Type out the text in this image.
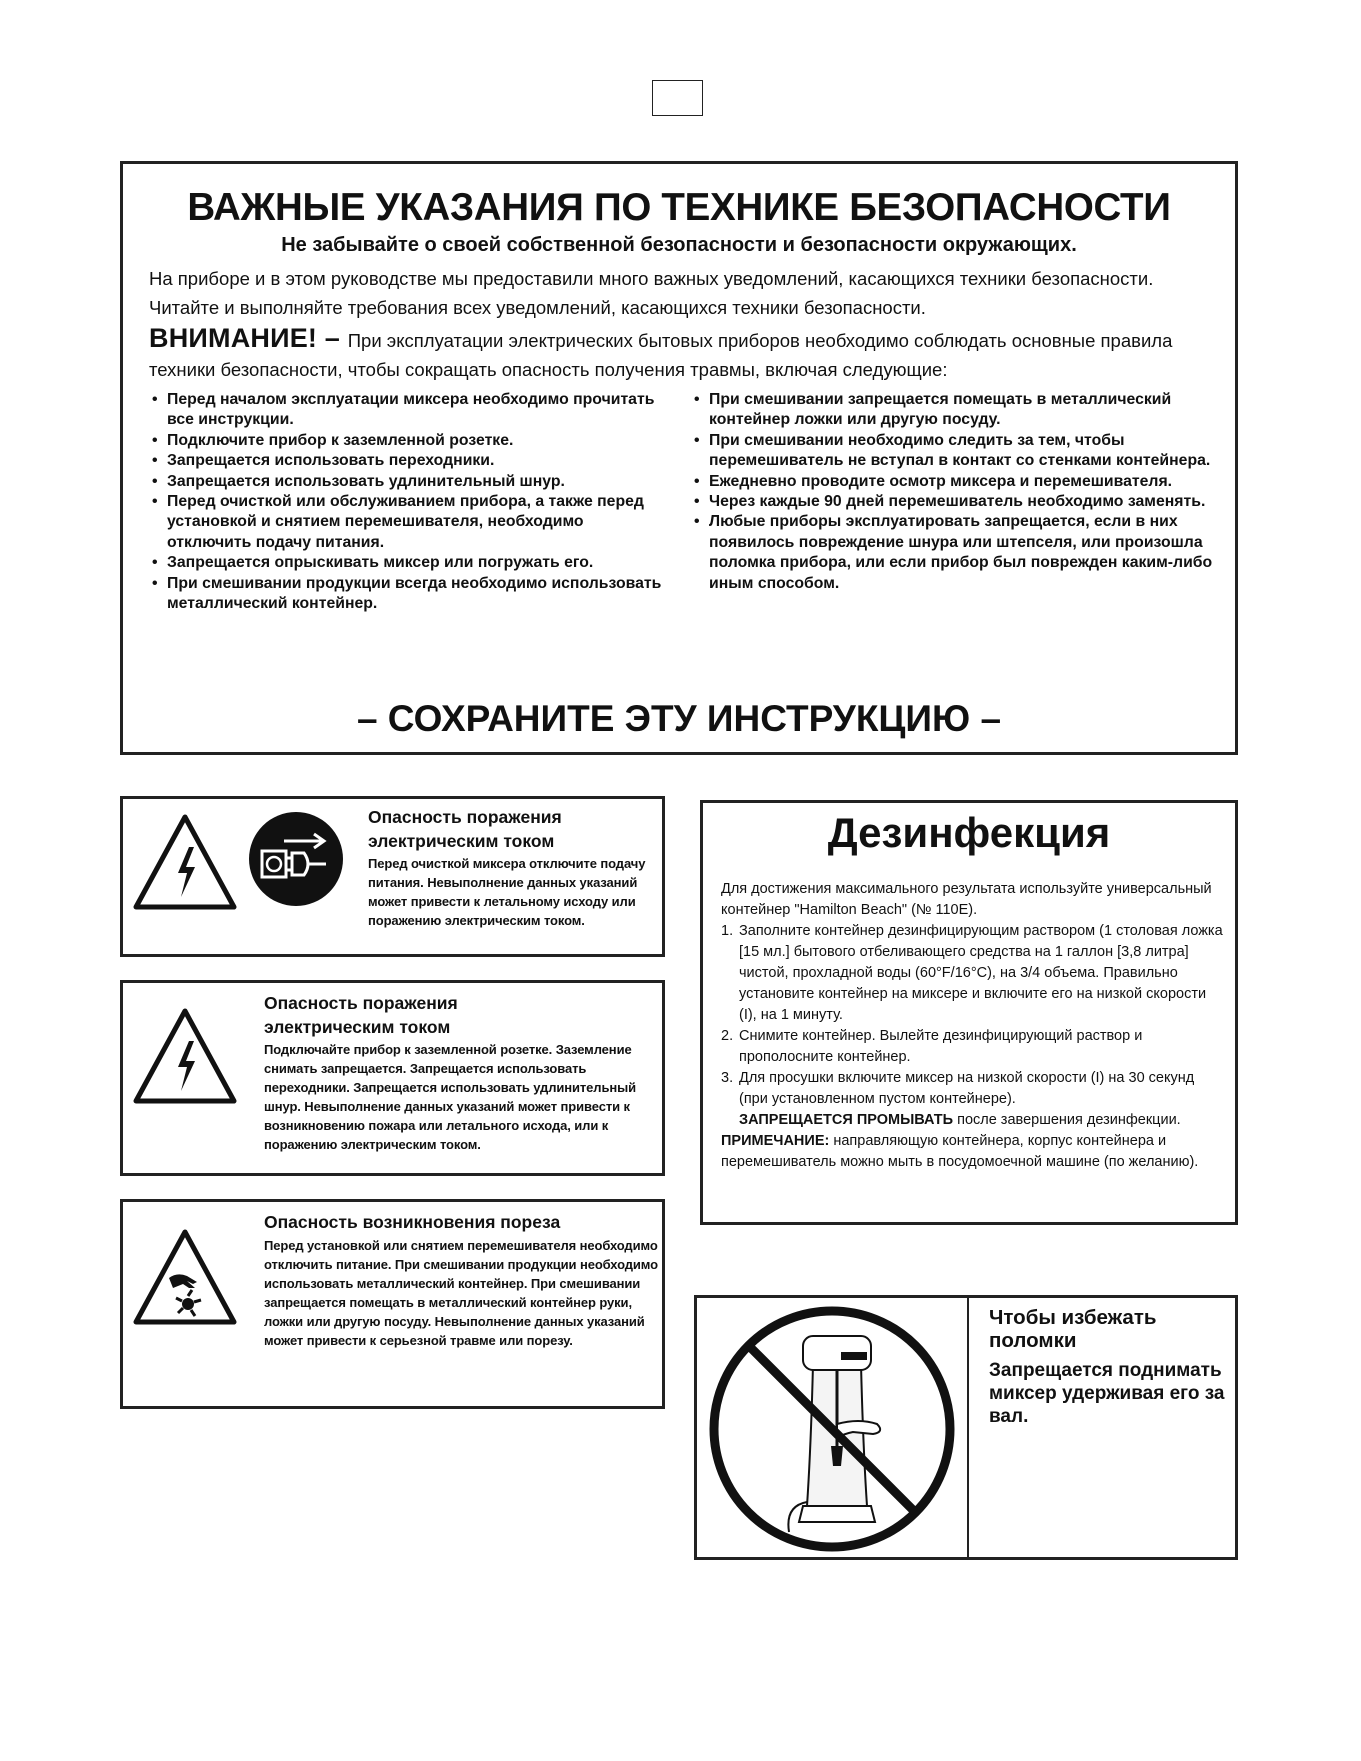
ВАЖНЫЕ УКАЗАНИЯ ПО ТЕХНИКЕ БЕЗОПАСНОСТИ

Не забывайте о своей собственной безопасности и безопасности окружающих.

На приборе и в этом руководстве мы предоставили много важных уведомлений, касающихся техники безопасности. Читайте и выполняйте требования всех уведомлений, касающихся техники безопасности.

ВНИМАНИЕ! – При эксплуатации электрических бытовых приборов необходимо соблюдать основные правила техники безопасности, чтобы сокращать опасность получения травмы, включая следующие:

• Перед началом эксплуатации миксера необходимо прочитать все инструкции.
• Подключите прибор к заземленной розетке.
• Запрещается использовать переходники.
• Запрещается использовать удлинительный шнур.
• Перед очисткой или обслуживанием прибора, а также перед установкой и снятием перемешивателя, необходимо отключить подачу питания.
• Запрещается опрыскивать миксер или погружать его.
• При смешивании продукции всегда необходимо использовать металлический контейнер.
• При смешивании запрещается помещать в металлический контейнер ложки или другую посуду.
• При смешивании необходимо следить за тем, чтобы перемешиватель не вступал в контакт со стенками контейнера.
• Ежедневно проводите осмотр миксера и перемешивателя.
• Через каждые 90 дней перемешиватель необходимо заменять.
• Любые приборы эксплуатировать запрещается, если в них появилось повреждение шнура или штепселя, или произошла поломка прибора, или если прибор был поврежден каким-либо иным способом.

– СОХРАНИТЕ ЭТУ ИНСТРУКЦИЮ –

Опасность поражения электрическим током

Перед очисткой миксера отключите подачу питания. Невыполнение данных указаний может привести к летальному исходу или поражению электрическим током.

Опасность поражения электрическим током

Подключайте прибор к заземленной розетке. Заземление снимать запрещается. Запрещается использовать переходники. Запрещается использовать удлинительный шнур. Невыполнение данных указаний может привести к возникновению пожара или летального исхода, или к поражению электрическим током.

Опасность возникновения пореза

Перед установкой или снятием перемешивателя необходимо отключить питание. При смешивании продукции необходимо использовать металлический контейнер. При смешивании запрещается помещать в металлический контейнер руки, ложки или другую посуду. Невыполнение данных указаний может привести к серьезной травме или порезу.

Дезинфекция

Для достижения максимального результата используйте универсальный контейнер "Hamilton Beach" (№ 110E).

1. Заполните контейнер дезинфицирующим раствором (1 столовая ложка [15 мл.] бытового отбеливающего средства на 1 галлон [3,8 литра] чистой, прохладной воды (60°F/16°C), на 3/4 объема. Правильно установите контейнер на миксере и включите его на низкой скорости (I), на 1 минуту.
2. Снимите контейнер. Вылейте дезинфицирующий раствор и прополосните контейнер.
3. Для просушки включите миксер на низкой скорости (I) на 30 секунд (при установленном пустом контейнере).
ЗАПРЕЩАЕТСЯ ПРОМЫВАТЬ после завершения дезинфекции.

ПРИМЕЧАНИЕ: направляющую контейнера, корпус контейнера и перемешиватель можно мыть в посудомоечной машине (по желанию).

Чтобы избежать поломки

Запрещается поднимать миксер удерживая его за вал.
